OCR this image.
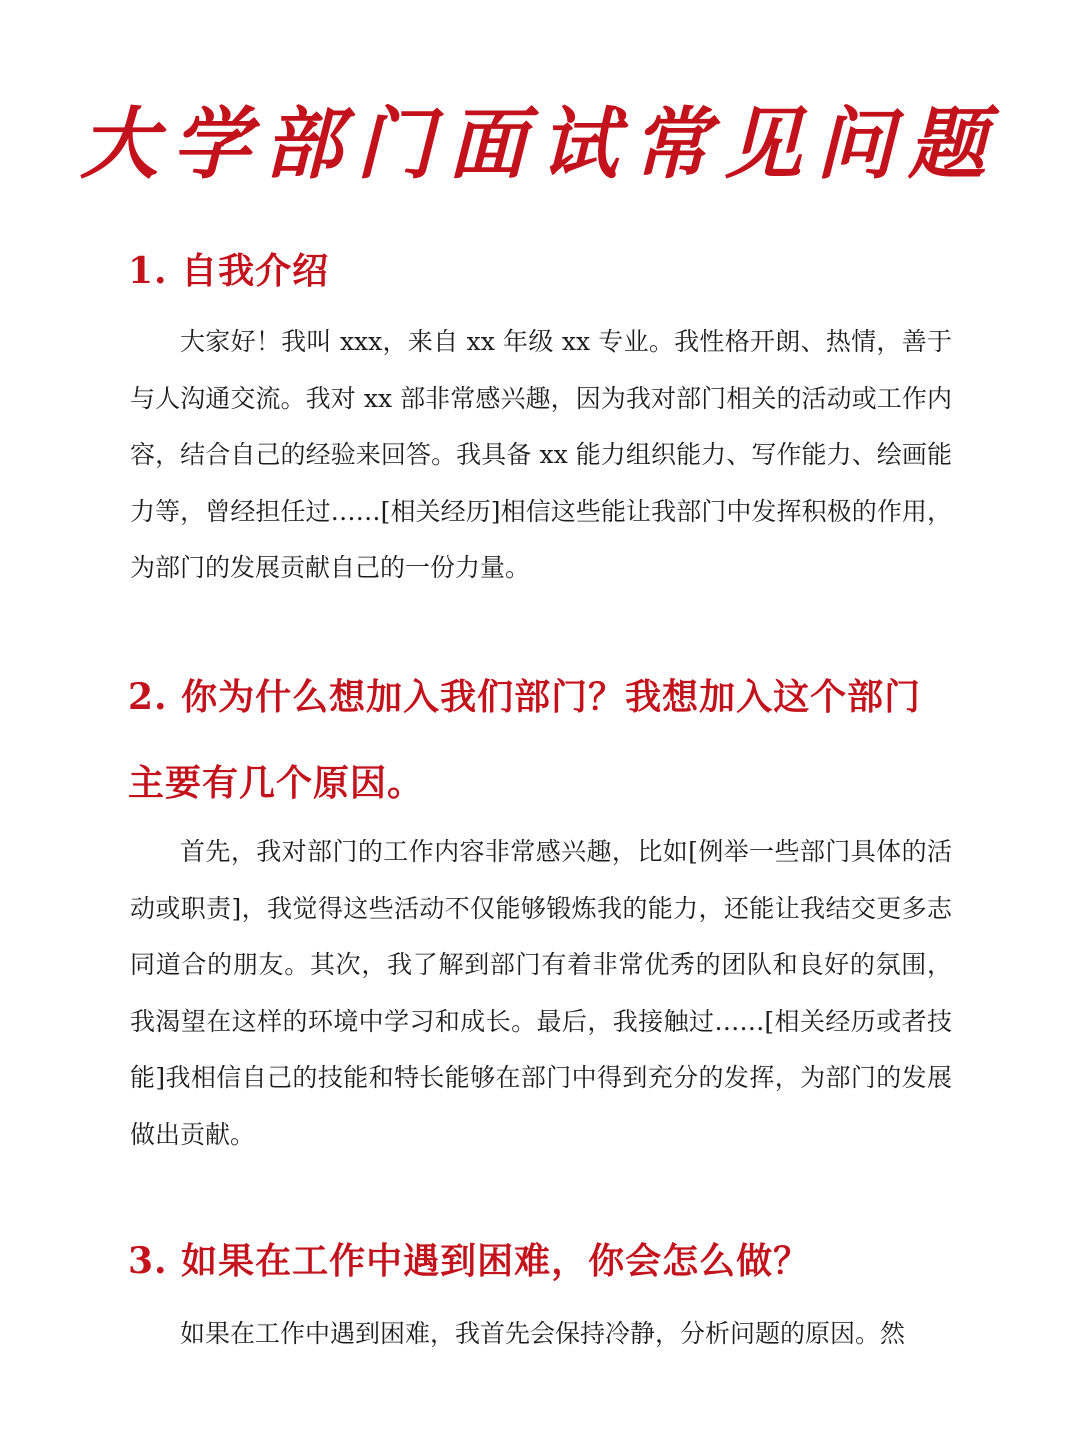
大学部门面试常见问题
1. 自我介绍

大家好！我叫 xxx，来自 xx 年级 xx 专业。我性格开朗、热情，善于与人沟通交流。我对 xx 部非常感兴趣，因为我对部门相关的活动或工作内容，结合自己的经验来回答。我具备 xx 能力组织能力、写作能力、绘画能力等，曾经担任过……[相关经历]相信这些能让我部门中发挥积极的作用，为部门的发展贡献自己的一份力量。

2. 你为什么想加入我们部门？我想加入这个部门主要有几个原因。

首先，我对部门的工作内容非常感兴趣，比如[例举一些部门具体的活动或职责]，我觉得这些活动不仅能够锻炼我的能力，还能让我结交更多志同道合的朋友。其次，我了解到部门有着非常优秀的团队和良好的氛围，我渴望在这样的环境中学习和成长。最后，我接触过……[相关经历或者技能]我相信自己的技能和特长能够在部门中得到充分的发挥，为部门的发展做出贡献。

3. 如果在工作中遇到困难，你会怎么做？

如果在工作中遇到困难，我首先会保持冷静，分析问题的原因。然
